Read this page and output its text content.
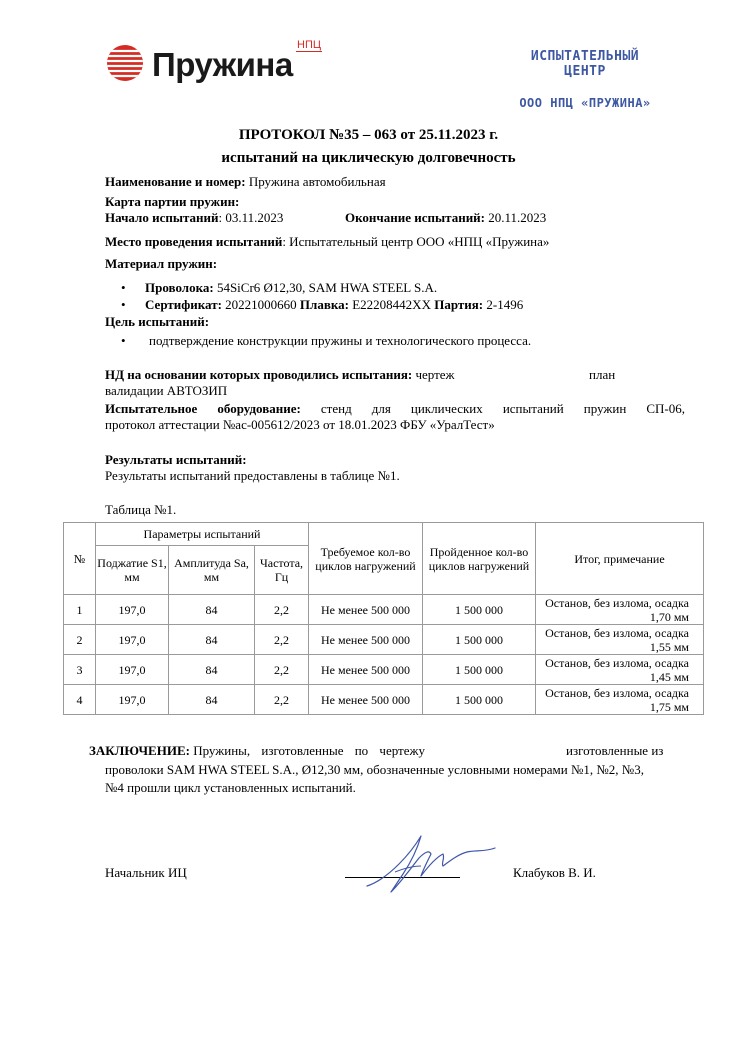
Пружина
НПЦ
ИСПЫТАТЕЛЬНЫЙ
ЦЕНТР
ООО НПЦ «ПРУЖИНА»
ПРОТОКОЛ №35 – 063 от 25.11.2023 г.
испытаний на циклическую долговечность
Наименование и номер: Пружина автомобильная
Карта партии пружин:
Начало испытаний: 03.11.2023	Окончание испытаний: 20.11.2023
Место проведения испытаний: Испытательный центр ООО «НПЦ «Пружина»
Материал пружин:
• Проволока: 54SiCr6 Ø12,30, SAM HWA STEEL S.A.
• Сертификат: 20221000660 Плавка: E22208442XX Партия: 2-1496
Цель испытаний:
• подтверждение конструкции пружины и технологического процесса.
НД на основании которых проводились испытания: чертеж	план
валидации АВТОЗИП
Испытательное оборудование: стенд для циклических испытаний пружин СП-06,
протокол аттестации №ас-005612/2023 от 18.01.2023 ФБУ «УралТест»
Результаты испытаний:
Результаты испытаний предоставлены в таблице №1.
Таблица №1.
№	Параметры испытаний			Требуемое кол-во циклов нагружений	Пройденное кол-во циклов нагружений	Итог, примечание
	Поджатие S1, мм	Амплитуда Sa, мм	Частота, Гц			
1	197,0	84	2,2	Не менее 500 000	1 500 000	Останов, без излома, осадка 1,70 мм
2	197,0	84	2,2	Не менее 500 000	1 500 000	Останов, без излома, осадка 1,55 мм
3	197,0	84	2,2	Не менее 500 000	1 500 000	Останов, без излома, осадка 1,45 мм
4	197,0	84	2,2	Не менее 500 000	1 500 000	Останов, без излома, осадка 1,75 мм
ЗАКЛЮЧЕНИЕ: Пружины, изготовленные по чертежу	изготовленные из
проволоки SAM HWA STEEL S.A., Ø12,30 мм, обозначенные условными номерами №1, №2, №3,
№4 прошли цикл установленных испытаний.
Начальник ИЦ	Клабуков В. И.
